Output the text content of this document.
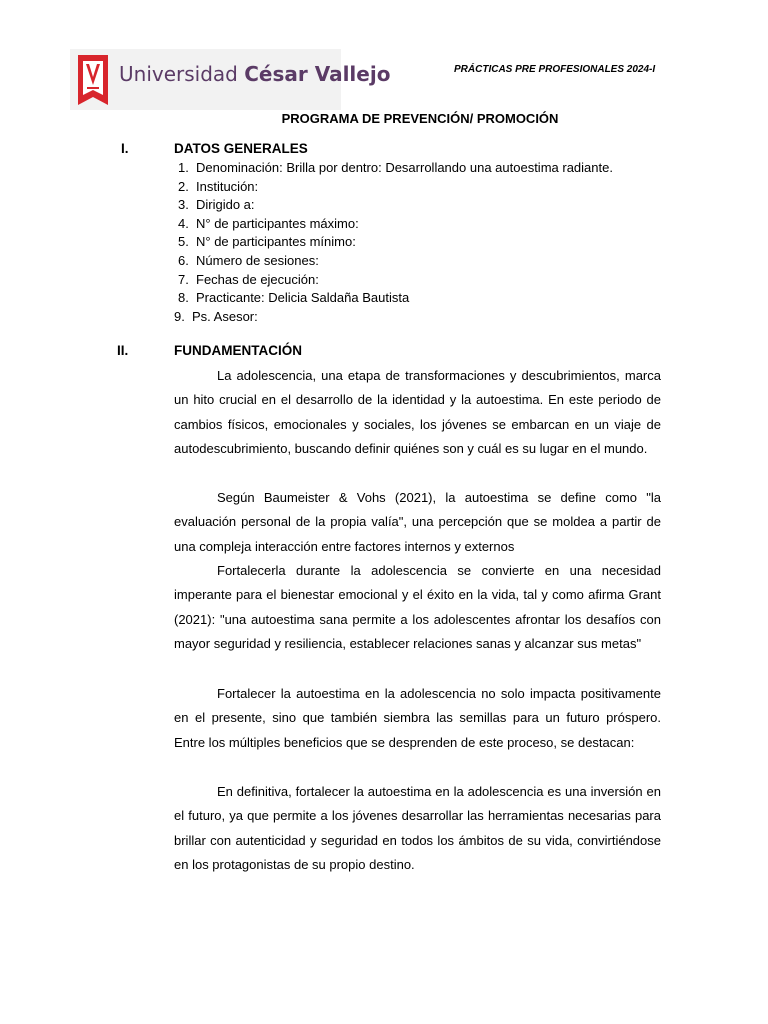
Universidad César Vallejo	PRÁCTICAS PRE PROFESIONALES 2024-I
PROGRAMA DE PREVENCIÓN/ PROMOCIÓN
I.	DATOS GENERALES
1. Denominación: Brilla por dentro: Desarrollando una autoestima radiante.
2. Institución:
3. Dirigido a:
4. N° de participantes máximo:
5. N° de participantes mínimo:
6. Número de sesiones:
7. Fechas de ejecución:
8. Practicante: Delicia Saldaña Bautista
9. Ps. Asesor:
II.	FUNDAMENTACIÓN

La adolescencia, una etapa de transformaciones y descubrimientos, marca un hito crucial en el desarrollo de la identidad y la autoestima. En este periodo de cambios físicos, emocionales y sociales, los jóvenes se embarcan en un viaje de autodescubrimiento, buscando definir quiénes son y cuál es su lugar en el mundo.

Según Baumeister & Vohs (2021), la autoestima se define como "la evaluación personal de la propia valía", una percepción que se moldea a partir de una compleja interacción entre factores internos y externos

Fortalecerla durante la adolescencia se convierte en una necesidad imperante para el bienestar emocional y el éxito en la vida, tal y como afirma Grant (2021): "una autoestima sana permite a los adolescentes afrontar los desafíos con mayor seguridad y resiliencia, establecer relaciones sanas y alcanzar sus metas"

Fortalecer la autoestima en la adolescencia no solo impacta positivamente en el presente, sino que también siembra las semillas para un futuro próspero. Entre los múltiples beneficios que se desprenden de este proceso, se destacan:

En definitiva, fortalecer la autoestima en la adolescencia es una inversión en el futuro, ya que permite a los jóvenes desarrollar las herramientas necesarias para brillar con autenticidad y seguridad en todos los ámbitos de su vida, convirtiéndose en los protagonistas de su propio destino.
